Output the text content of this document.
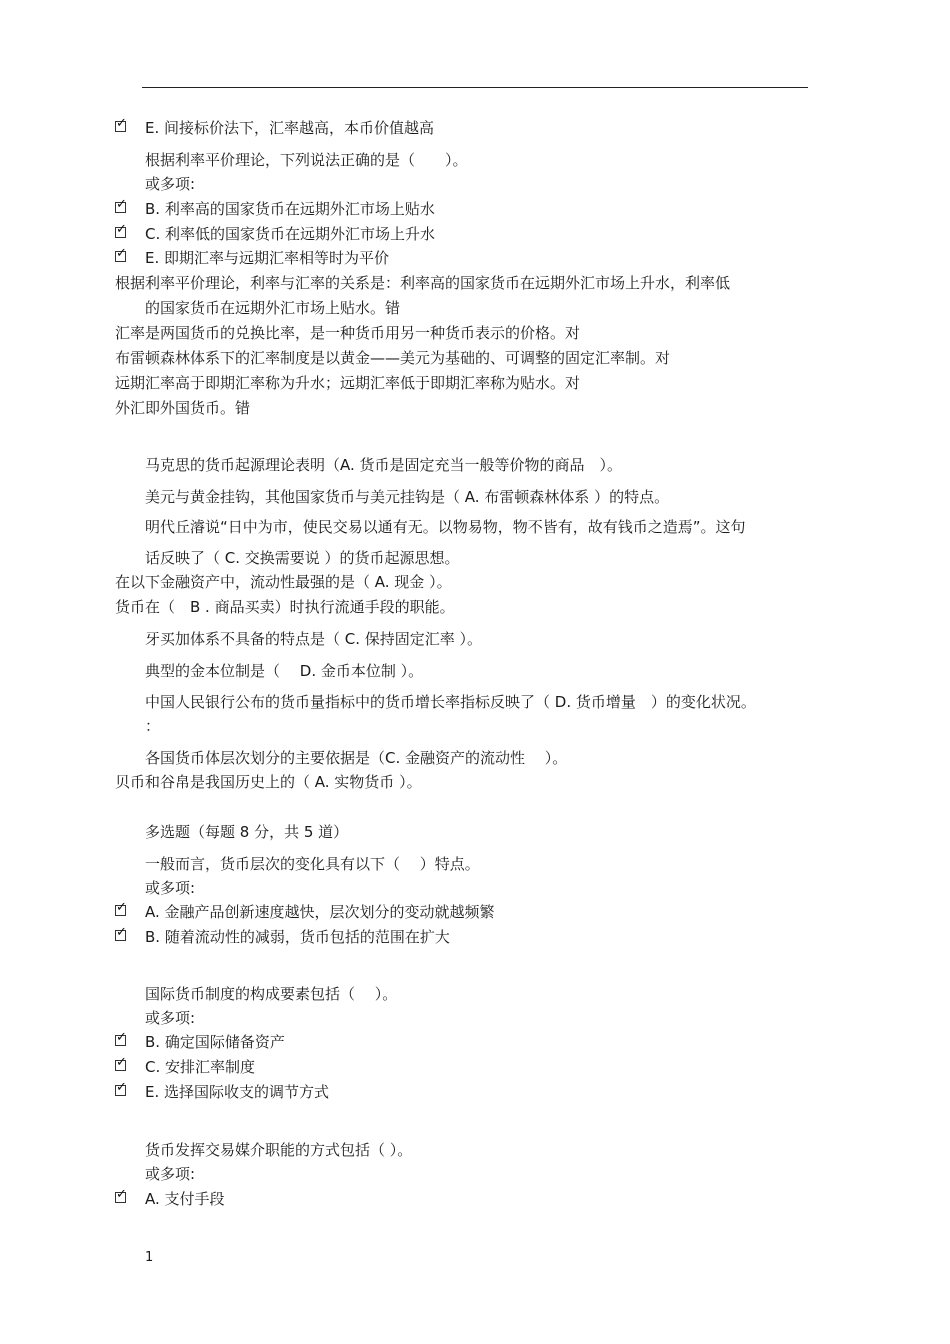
✓
E. 间接标价法下，汇率越高，本币价值越高
根据利率平价理论，下列说法正确的是（　　）。
或多项:
✓
B. 利率高的国家货币在远期外汇市场上贴水
✓
C. 利率低的国家货币在远期外汇市场上升水
✓
E. 即期汇率与远期汇率相等时为平价
根据利率平价理论，利率与汇率的关系是：利率高的国家货币在远期外汇市场上升水，利率低
的国家货币在远期外汇市场上贴水。错
汇率是两国货币的兑换比率，是一种货币用另一种货币表示的价格。对
布雷顿森林体系下的汇率制度是以黄金——美元为基础的、可调整的固定汇率制。对
远期汇率高于即期汇率称为升水；远期汇率低于即期汇率称为贴水。对
外汇即外国货币。错
马克思的货币起源理论表明（A. 货币是固定充当一般等价物的商品　）。
美元与黄金挂钩，其他国家货币与美元挂钩是（ A. 布雷顿森林体系 ）的特点。
明代丘濬说“日中为市，使民交易以通有无。以物易物，物不皆有，故有钱币之造焉”。这句
话反映了（ C. 交换需要说 ）的货币起源思想。
在以下金融资产中，流动性最强的是（ A. 现金 ）。
货币在（　B . 商品买卖）时执行流通手段的职能。
牙买加体系不具备的特点是（ C. 保持固定汇率 ）。
典型的金本位制是（　 D. 金币本位制 ）。
中国人民银行公布的货币量指标中的货币增长率指标反映了（ D. 货币增量　）的变化状况。
：
各国货币体层次划分的主要依据是（C. 金融资产的流动性　 ）。
贝币和谷帛是我国历史上的（ A. 实物货币 ）。
多选题（每题 8 分，共 5 道）
一般而言，货币层次的变化具有以下（　 ）特点。
或多项:
✓
A. 金融产品创新速度越快，层次划分的变动就越频繁
✓
B. 随着流动性的减弱，货币包括的范围在扩大
国际货币制度的构成要素包括（　 ）。
或多项:
✓
B. 确定国际储备资产
✓
C. 安排汇率制度
✓
E. 选择国际收支的调节方式
货币发挥交易媒介职能的方式包括（ ）。
或多项:
✓
A. 支付手段
1
